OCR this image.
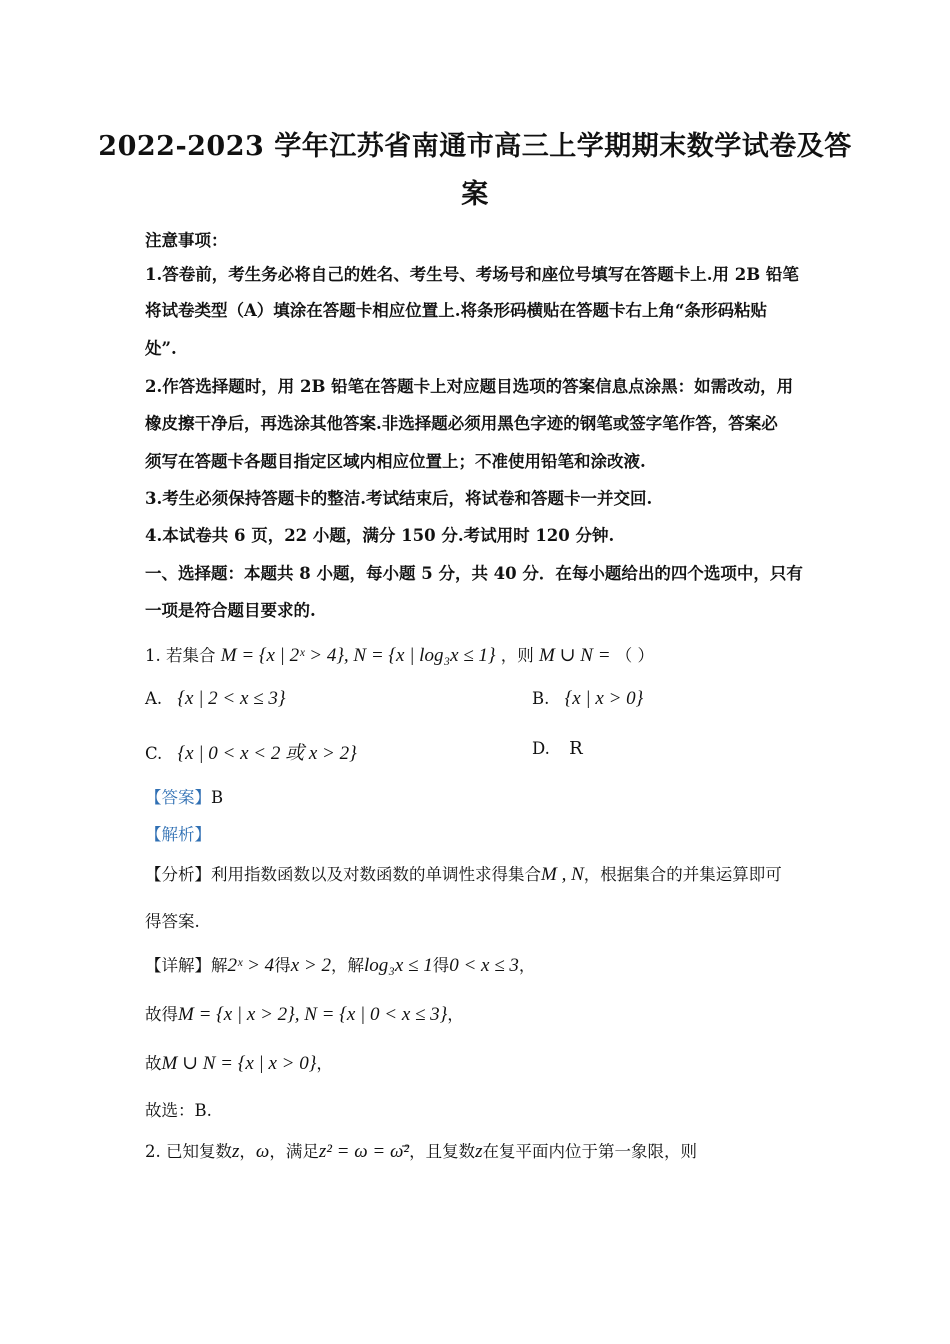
2022-2023 学年江苏省南通市高三上学期期末数学试卷及答
案
注意事项：
1.答卷前，考生务必将自己的姓名、考生号、考场号和座位号填写在答题卡上.用 2B 铅笔
将试卷类型（A）填涂在答题卡相应位置上.将条形码横贴在答题卡右上角“条形码粘贴
处”.
2.作答选择题时，用 2B 铅笔在答题卡上对应题目选项的答案信息点涂黑：如需改动，用
橡皮擦干净后，再选涂其他答案.非选择题必须用黑色字迹的钢笔或签字笔作答，答案必
须写在答题卡各题目指定区域内相应位置上；不准使用铅笔和涂改液.
3.考生必须保持答题卡的整洁.考试结束后，将试卷和答题卡一并交回.
4.本试卷共 6 页，22 小题，满分 150 分.考试用时 120 分钟.
一、选择题：本题共 8 小题，每小题 5 分，共 40 分．在每小题给出的四个选项中，只有
一项是符合题目要求的.
1. 若集合 M = {x | 2ˣ > 4}, N = {x | log₃x ≤ 1} ，则 M ∪ N = （ ）
A. {x | 2 < x ≤ 3}	B. {x | x > 0}
C. {x | 0 < x < 2 或 x > 2}	D. R
【答案】B
【解析】
【分析】利用指数函数以及对数函数的单调性求得集合M , N，根据集合的并集运算即可
得答案.
【详解】解2ˣ > 4得x > 2，解log₃x ≤ 1得0 < x ≤ 3，
故得M = {x | x > 2}, N = {x | 0 < x ≤ 3}，
故M ∪ N = {x | x > 0}，
故选：B.
2. 已知复数z，ω，满足z² = ω = ω̄²，且复数z在复平面内位于第一象限，则
